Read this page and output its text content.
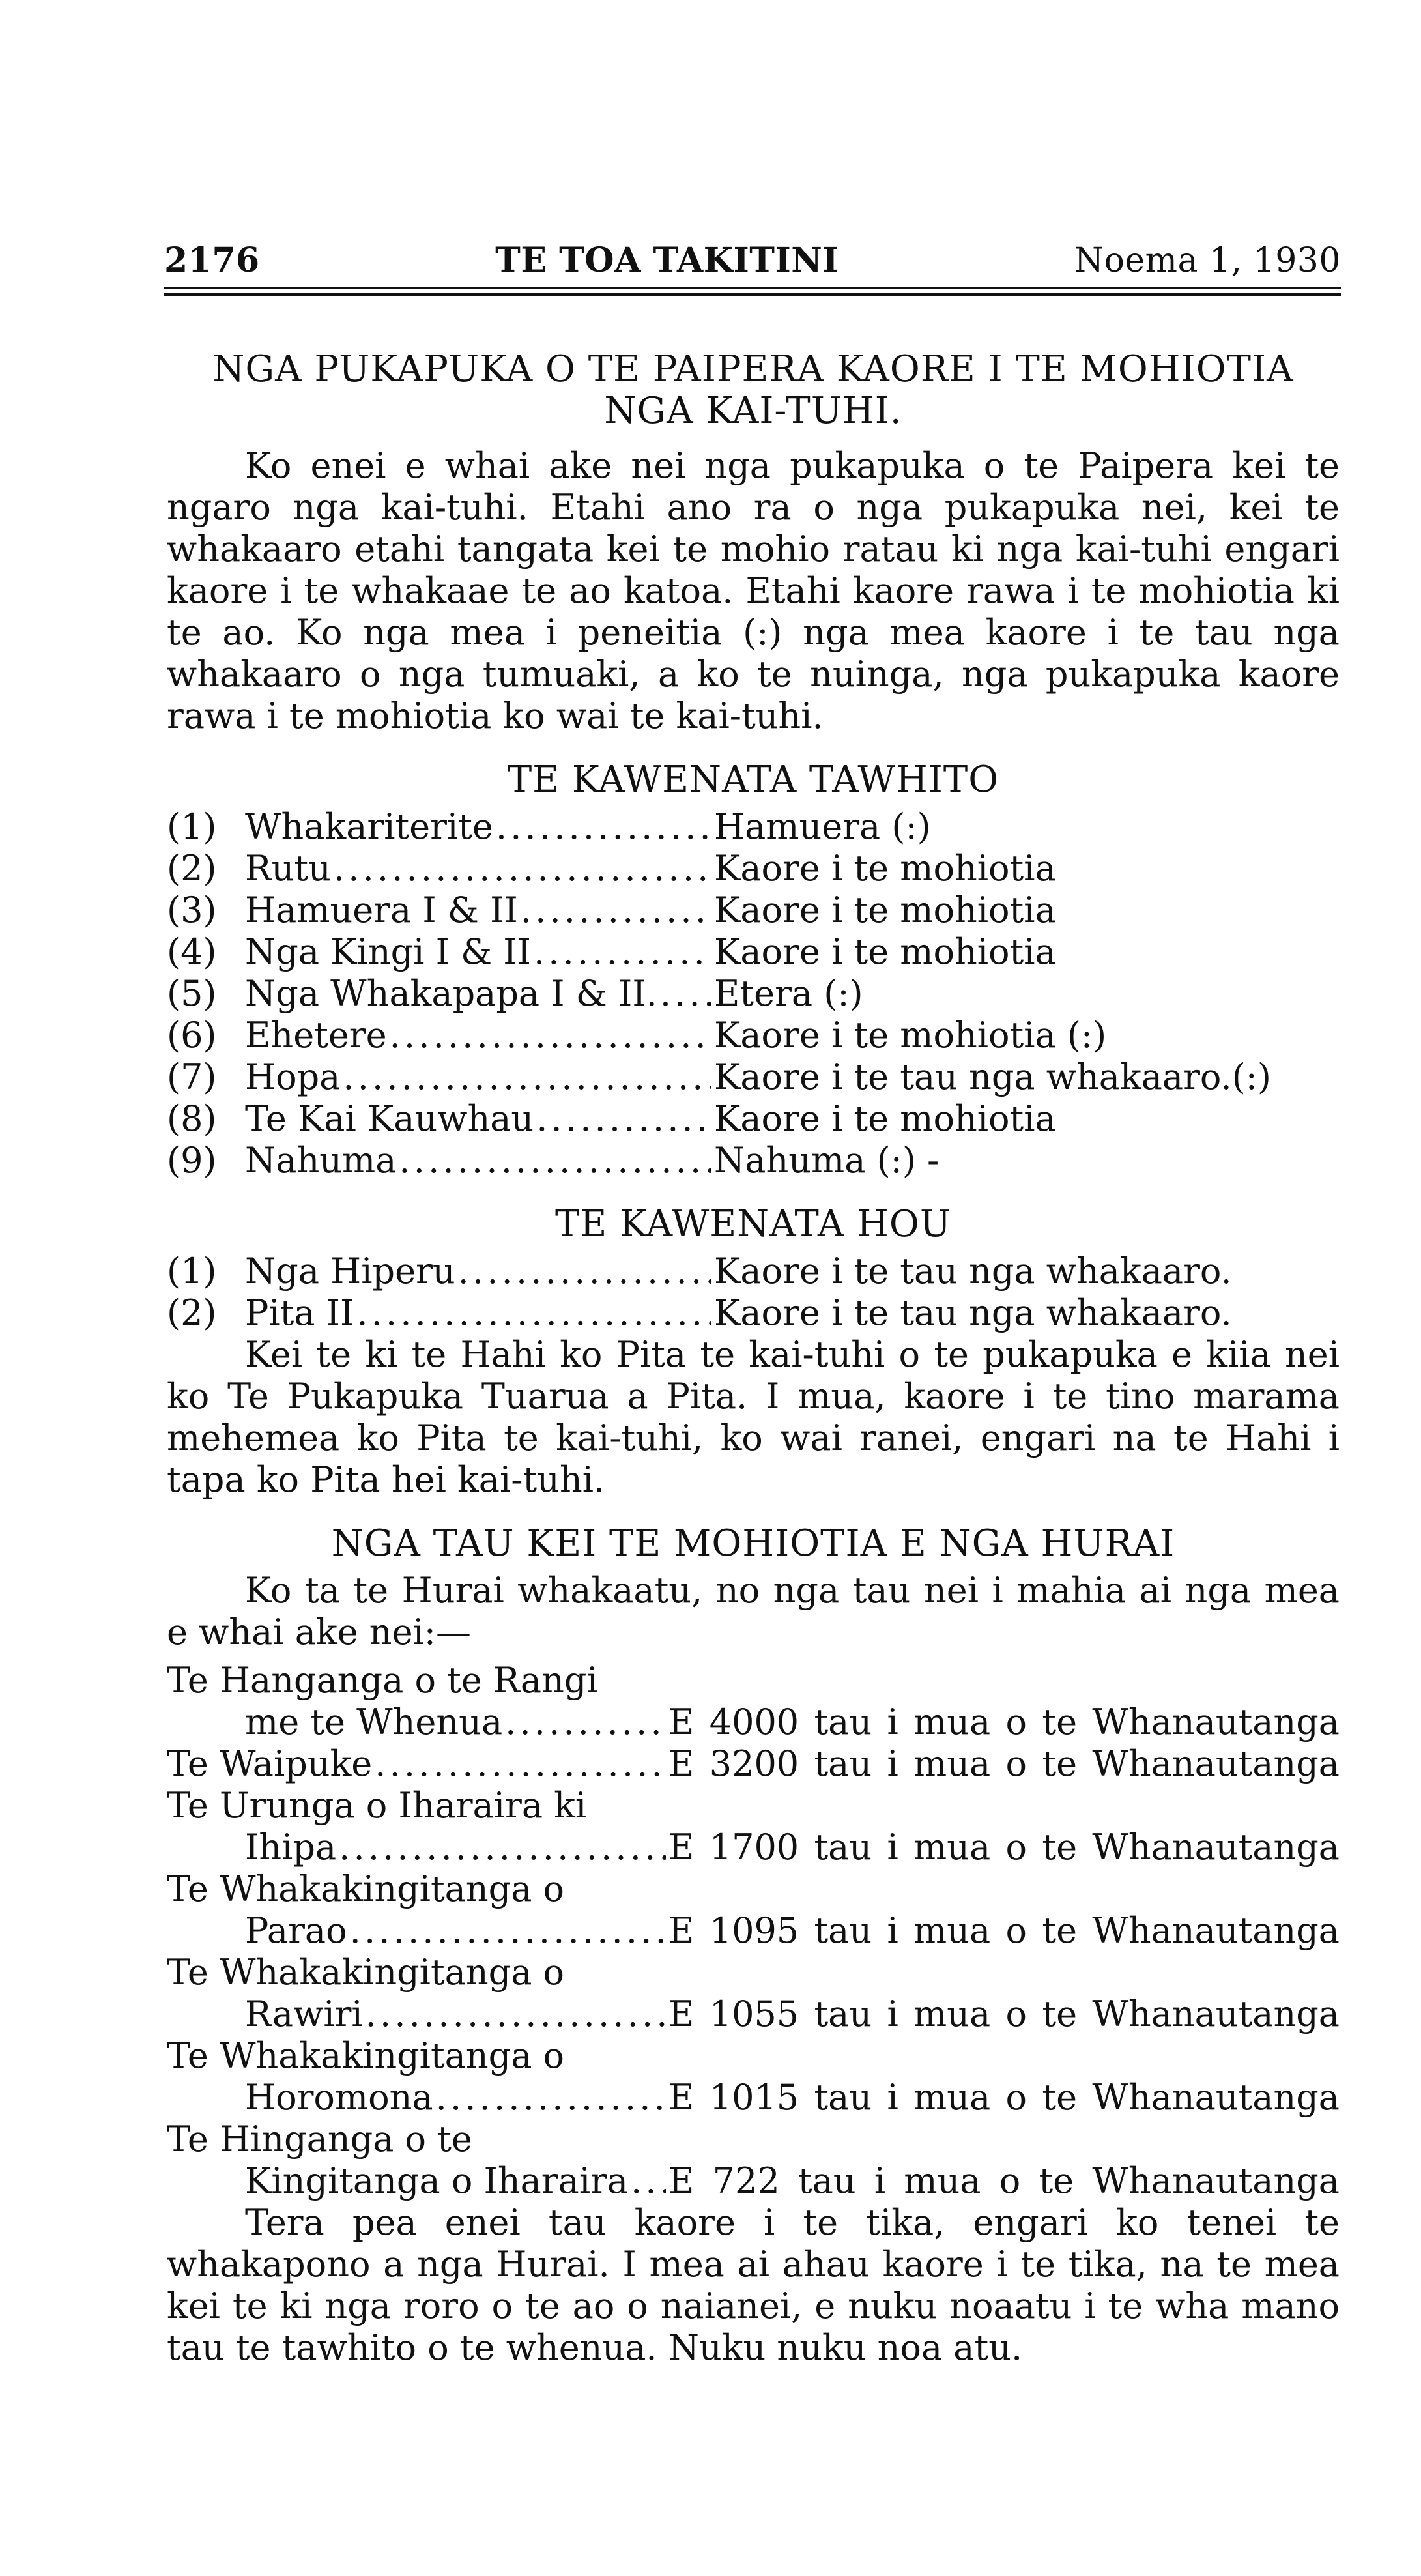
2176	TE TOA TAKITINI	Noema 1, 1930
NGA PUKAPUKA O TE PAIPERA KAORE I TE MOHIOTIA NGA KAI-TUHI.

Ko enei e whai ake nei nga pukapuka o te Paipera kei te ngaro nga kai-tuhi. Etahi ano ra o nga pukapuka nei, kei te whakaaro etahi tangata kei te mohio ratau ki nga kai-tuhi engari kaore i te whakaae te ao katoa. Etahi kaore rawa i te mohiotia ki te ao. Ko nga mea i peneitia (:) nga mea kaore i te tau nga whakaaro o nga tumuaki, a ko te nuinga, nga pukapuka kaore rawa i te mohiotia ko wai te kai-tuhi.

TE KAWENATA TAWHITO
(1) Whakariterite . . .	Hamuera (:)
(2) Rutu . . .	Kaore i te mohiotia
(3) Hamuera I & II . . .	Kaore i te mohiotia
(4) Nga Kingi I & II . . .	Kaore i te mohiotia
(5) Nga Whakapapa I & II. . . . Etera (:)
(6) Ehetere . . .	Kaore i te mohiotia (:)
(7) Hopa . . .	Kaore i te tau nga whakaaro.(:)
(8) Te Kai Kauwhau . . .	Kaore i te mohiotia
(9) Nahuma . . .	Nahuma (:) -
TE KAWENATA HOU
(1) Nga Hiperu . . .	Kaore i te tau nga whakaaro.
(2) Pita II . . .	Kaore i te tau nga whakaaro.

Kei te ki te Hahi ko Pita te kai-tuhi o te pukapuka e kiia nei ko Te Pukapuka Tuarua a Pita. I mua, kaore i te tino marama mehemea ko Pita te kai-tuhi, ko wai ranei, engari na te Hahi i tapa ko Pita hei kai-tuhi.

NGA TAU KEI TE MOHIOTIA E NGA HURAI

Ko ta te Hurai whakaatu, no nga tau nei i mahia ai nga mea e whai ake nei:—

Te Hanganga o te Rangi
me te Whenua . . .	E 4000 tau i mua o te Whanautanga
Te Waipuke . . .	E 3200 tau i mua o te Whanautanga
Te Urunga o Iharaira ki
Ihipa . . .	E 1700 tau i mua o te Whanautanga
Te Whakakingitanga o
Parao . . .	E 1095 tau i mua o te Whanautanga
Te Whakakingitanga o
Rawiri . . .	E 1055 tau i mua o te Whanautanga
Te Whakakingitanga o
Horomona . . .	E 1015 tau i mua o te Whanautanga
Te Hinganga o te
Kingitanga o Iharaira . . . E 722 tau i mua o te Whanautanga

Tera pea enei tau kaore i te tika, engari ko tenei te whakapono a nga Hurai. I mea ai ahau kaore i te tika, na te mea kei te ki nga roro o te ao o naianei, e nuku noaatu i te wha mano tau te tawhito o te whenua. Nuku nuku noa atu.
